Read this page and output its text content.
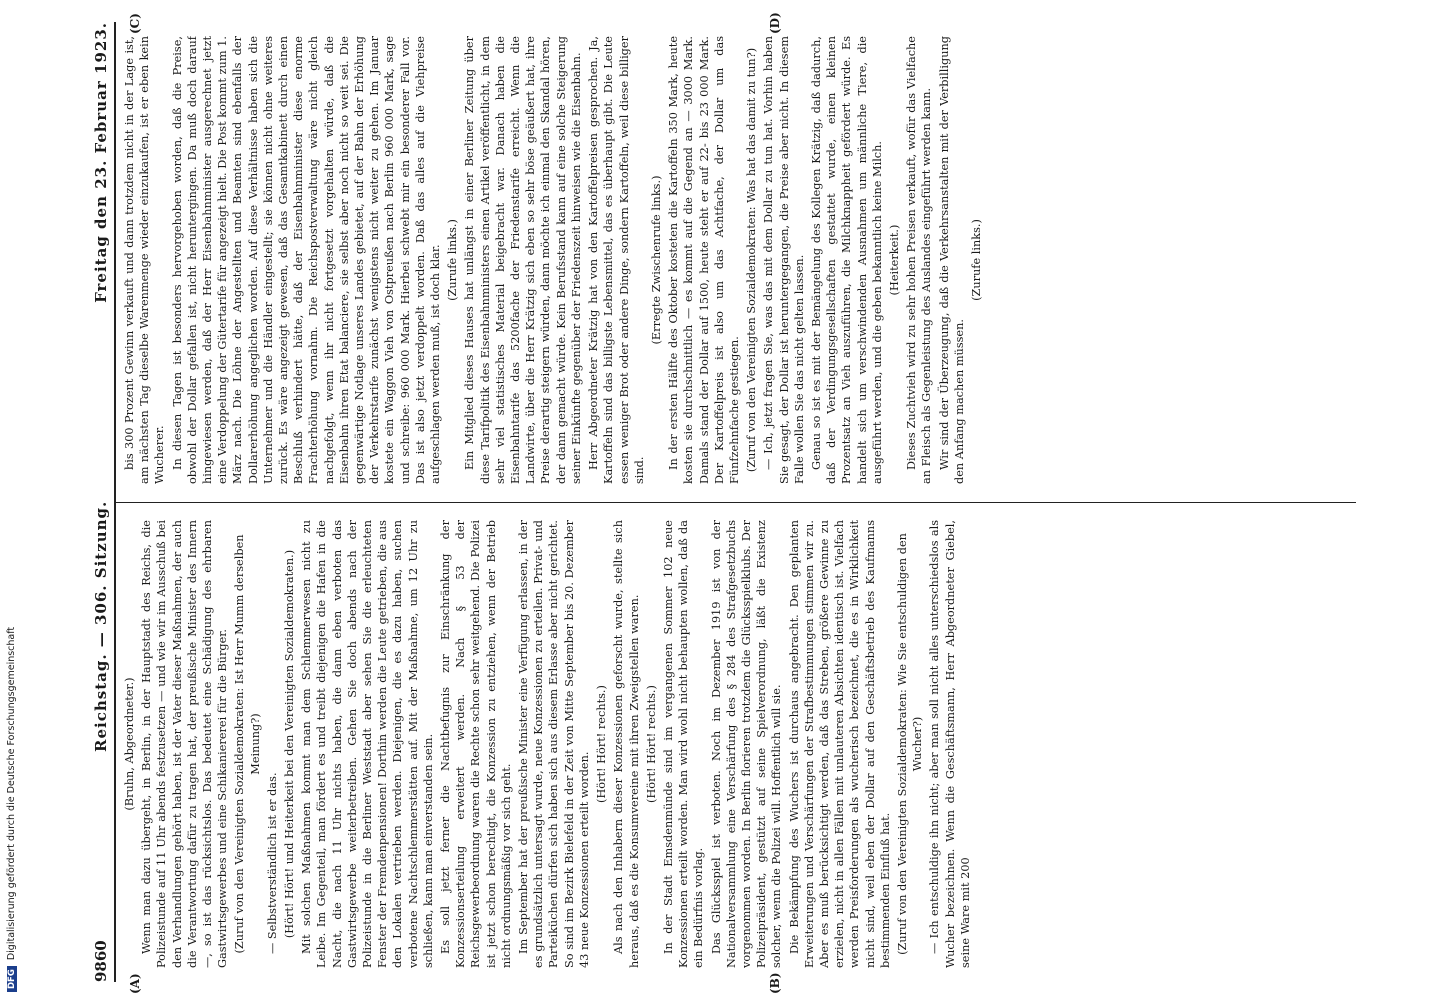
9860
Reichstag. — 306. Sitzung.
Freitag den 23. Februar 1923.
(A)	(B)
(C)	(D)

(Bruhn, Abgeordneter.) Wenn man dazu übergeht, in Berlin, in der Hauptstadt des Reichs, die Polizeistunde auf 11 Uhr abends festzusetzen — und wie wir im Ausschuß bei den Verhandlungen gehört haben, ist der Vater dieser Maßnahmen, der auch die Verantwortung dafür zu tragen hat, der preußische Minister des Innern —, so ist das rücksichtslos. Das bedeutet eine Schädigung des ehrbaren Gastwirtsgewerbes und eine Schikaniererei für die Bürger. (Zuruf von den Vereinigten Sozialdemokraten: Ist Herr Mumm derselben Meinung?)

— Selbstverständlich ist er das. (Hört! Hört! und Heiterkeit bei den Vereinigten Sozialdemokraten.) Mit solchen Maßnahmen kommt man dem Schlemmerwesen nicht zu Leibe. Im Gegenteil, man fördert es und treibt diejenigen die Hafen in die Nacht, die nach 11 Uhr nichts haben, die dann eben verboten das Gastwirtsgewerbe weiterbetreiben. Gehen Sie doch abends nach der Polizeistunde in die Berliner Weststadt aber sehen Sie die erleuchteten Fenster der Fremdenpensionen! Dorthin werden die Leute getrieben, die aus den Lokalen vertrieben werden. Diejenigen, die es dazu haben, suchen verbotene Nachtschlemmerstätten auf. Mit der Maßnahme, um 12 Uhr zu schließen, kann man einverstanden sein. Es soll jetzt ferner die Nachtbefugnis zur Einschränkung der Konzessionserteilung erweitert werden. Nach § 53 der Reichsgewerbeordnung waren die Rechte schon sehr weitgehend. Die Polizei ist jetzt schon berechtigt, die Konzession zu entziehen, wenn der Betrieb nicht ordnungsmäßig vor sich geht. Im September hat der preußische Minister eine Verfügung erlassen, in der es grundsätzlich untersagt wurde, neue Konzessionen zu erteilen. Privat- und Parteiküchen dürfen sich haben sich aus diesem Erlasse aber nicht gerichtet. So sind im Bezirk Bielefeld in der Zeit von Mitte September bis 20. Dezember 43 neue Konzessionen erteilt worden.

(Hört! Hört! rechts.) Als nach den Inhabern dieser Konzessionen geforscht wurde, stellte sich heraus, daß es die Konsumvereine mit ihren Zweigstellen waren. (Hört! Hört! rechts.) In der Stadt Emsdenmünde sind im vergangenen Sommer 102 neue Konzessionen erteilt worden. Man wird wohl nicht behaupten wollen, daß da ein Bedürfnis vorlag. Das Glücksspiel ist verboten. Noch im Dezember 1919 ist von der Nationalversammlung eine Verschärfung des § 284 des Strafgesetzbuchs vorgenommen worden. In Berlin florieren trotzdem die Glücksspielklubs. Der Polizeipräsident, gestützt auf seine Spielverordnung, läßt die Existenz solcher, wenn die Polizei will. Hoffentlich will sie. Die Bekämpfung des Wuchers ist durchaus angebracht. Den geplanten Erweiterungen und Verschärfungen der Strafbestimmungen stimmen wir zu. Aber es muß berücksichtigt werden, daß das Streben, größere Gewinne zu erzielen, nicht in allen Fällen mit unlauteren Absichten identisch ist. Vielfach werden Preisforderungen als wucherisch bezeichnet, die es in Wirklichkeit nicht sind, weil eben der Dollar auf den Geschäftsbetrieb des Kaufmanns bestimmenden Einfluß hat. (Zuruf von den Vereinigten Sozialdemokraten: Wie Sie entschuldigen den Wucher?) — Ich entschuldige ihn nicht; aber man soll nicht alles unterschiedslos als Wucher bezeichnen. Wenn die Geschäftsmann, Herr Abgeordneter Giebel, seine Ware mit 200

bis 300 Prozent Gewinn verkauft und dann trotzdem nicht in der Lage ist, am nächsten Tag dieselbe Warenmenge wieder einzukaufen, ist er eben kein Wucherer. In diesen Tagen ist besonders hervorgehoben worden, daß die Preise, obwohl der Dollar gefallen ist, nicht heruntergingen. Da muß doch darauf hingewiesen werden, daß der Herr Eisenbahnminister ausgerechnet jetzt eine Verdoppelung der Gütertarife für angezeigt hielt. Die Post kommt zum 1. März nach. Die Löhne der Angestellten und Beamten sind ebenfalls der Dollarerhöhung angeglichen worden. Auf diese Verhältnisse haben sich die Unternehmer und die Händler eingestellt; sie können nicht ohne weiteres zurück. Es wäre angezeigt gewesen, daß das Gesamtkabinett durch einen Beschluß verhindert hätte, daß der Eisenbahnminister diese enorme Frachterhöhung vornahm. Die Reichspostverwaltung wäre nicht gleich nachgefolgt, wenn ihr nicht fortgesetzt vorgehalten würde, daß die Eisenbahn ihren Etat balanciere, sie selbst aber noch nicht so weit sei. Die gegenwärtige Notlage unseres Landes gebietet, auf der Bahn der Erhöhung der Verkehrstarife zunächst wenigstens nicht weiter zu gehen. Im Januar kostete ein Waggon Vieh von Ostpreußen nach Berlin 960 000 Mark, sage und schreibe: 960 000 Mark. Hierbei schwebt mir ein besonderer Fall vor. Das ist also jetzt verdoppelt worden. Daß das alles auf die Viehpreise aufgeschlagen werden muß, ist doch klar. (Zurufe links.) Ein Mitglied dieses Hauses hat unlängst in einer Berliner Zeitung über diese Tarifpolitik des Eisenbahnministers einen Artikel veröffentlicht, in dem sehr viel statistisches Material beigebracht war. Danach haben die Eisenbahntarife das 5200fache der Friedenstarife erreicht. Wenn die Landwirte, über die Herr Krätzig sich eben so sehr böse geäußert hat, ihre Preise derartig steigern würden, dann möchte ich einmal den Skandal hören, der dann gemacht würde. Kein Berufsstand kann auf eine solche Steigerung seiner Einkünfte gegenüber der Friedenszeit hinweisen wie die Eisenbahn. Herr Abgeordneter Krätzig hat von den Kartoffelpreisen gesprochen. Ja, Kartoffeln sind das billigste Lebensmittel, das es überhaupt gibt. Die Leute essen weniger Brot oder andere Dinge, sondern Kartoffeln, weil diese billiger sind.

(Erregte Zwischenrufe links.) In der ersten Hälfte des Oktober kosteten die Kartoffeln 350 Mark, heute kosten sie durchschnittlich — es kommt auf die Gegend an — 3000 Mark. Damals stand der Dollar auf 1500, heute steht er auf 22- bis 23 000 Mark. Der Kartoffelpreis ist also um das Achtfache, der Dollar um das Fünfzehnfache gestiegen. (Zuruf von den Vereinigten Sozialdemokraten: Was hat das damit zu tun?) — Ich, jetzt fragen Sie, was das mit dem Dollar zu tun hat. Vorhin haben Sie gesagt, der Dollar ist heruntergegangen, die Preise aber nicht. In diesem Falle wollen Sie das nicht gelten lassen. Genau so ist es mit der Bemängelung des Kollegen Krätzig, daß dadurch, daß der Verdingungsgesellschaften gestattet wurde, einen kleinen Prozentsatz an Vieh auszuführen, die Milchknappheit gefördert würde. Es handelt sich um verschwindenden Ausnahmen um männliche Tiere, die ausgeführt werden, und die geben bekanntlich keine Milch. (Heiterkeit.) Dieses Zuchtvieh wird zu sehr hohen Preisen verkauft, wofür das Vielfache an Fleisch als Gegenleistung des Auslandes eingeführt werden kann. Wir sind der Überzeugung, daß die Verkehrsanstalten mit der Verbilligung den Anfang machen müssen.

(Zurufe links.)

DFGDigitalisierung gefördert durch die Deutsche Forschungsgemeinschaft
